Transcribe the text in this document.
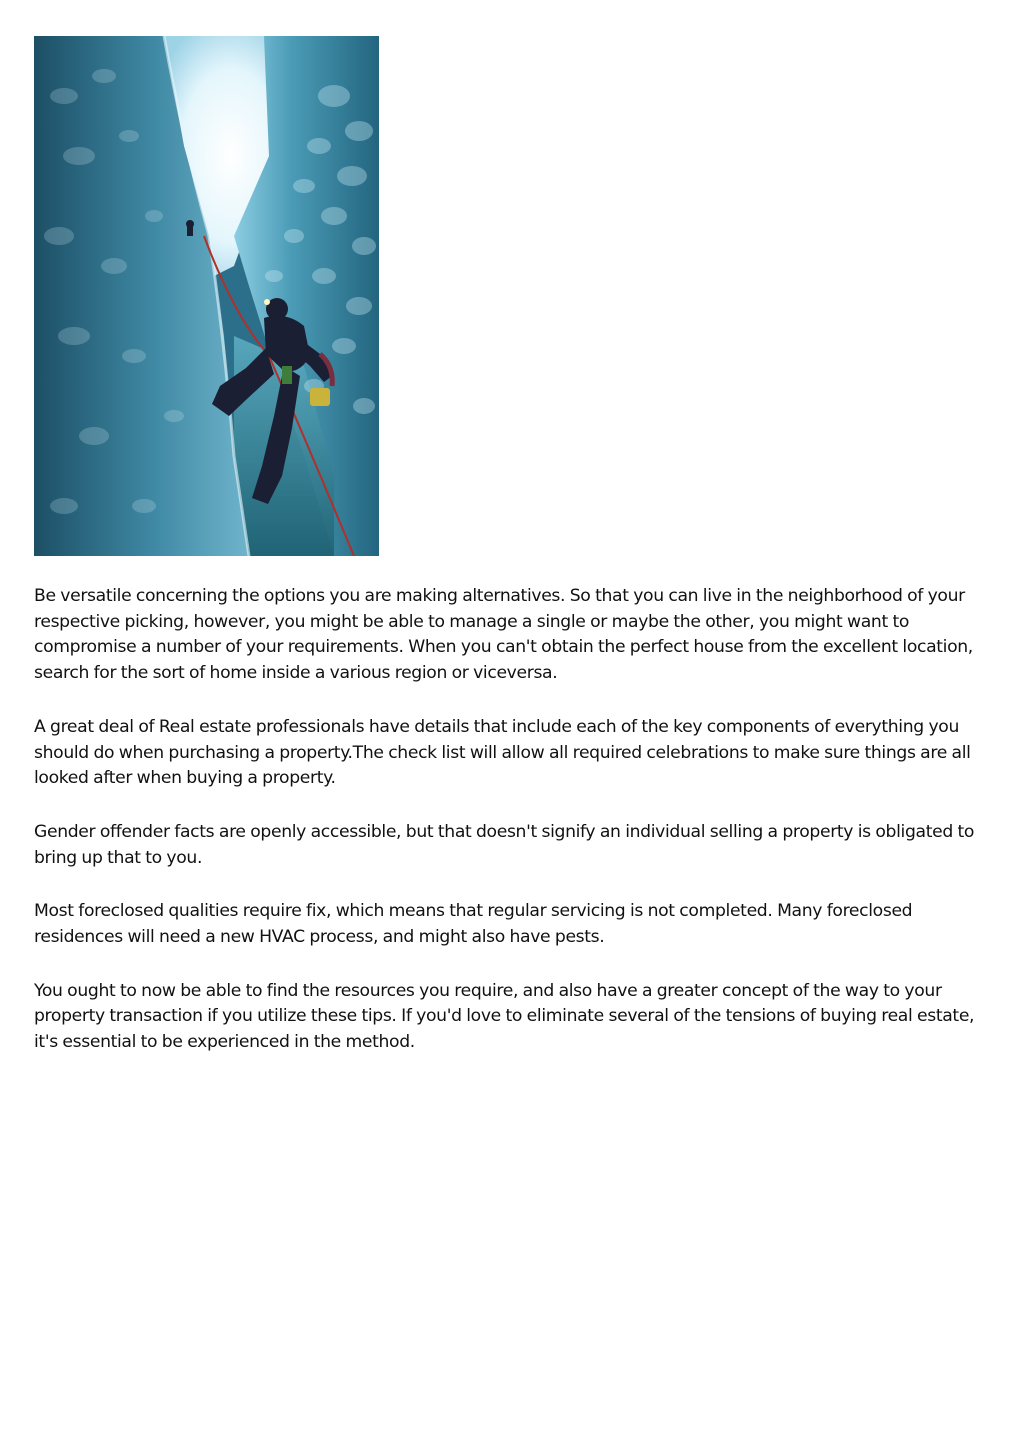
Be versatile concerning the options you are making alternatives. So that you can live in the neighborhood of your respective picking, however, you might be able to manage a single or maybe the other, you might want to compromise a number of your requirements. When you can't obtain the perfect house from the excellent location, search for the sort of home inside a various region or viceversa.

A great deal of Real estate professionals have details that include each of the key components of everything you should do when purchasing a property.The check list will allow all required celebrations to make sure things are all looked after when buying a property.

Gender offender facts are openly accessible, but that doesn't signify an individual selling a property is obligated to bring up that to you.

Most foreclosed qualities require fix, which means that regular servicing is not completed. Many foreclosed residences will need a new HVAC process, and might also have pests.

You ought to now be able to find the resources you require, and also have a greater concept of the way to your property transaction if you utilize these tips. If you'd love to eliminate several of the tensions of buying real estate, it's essential to be experienced in the method.
